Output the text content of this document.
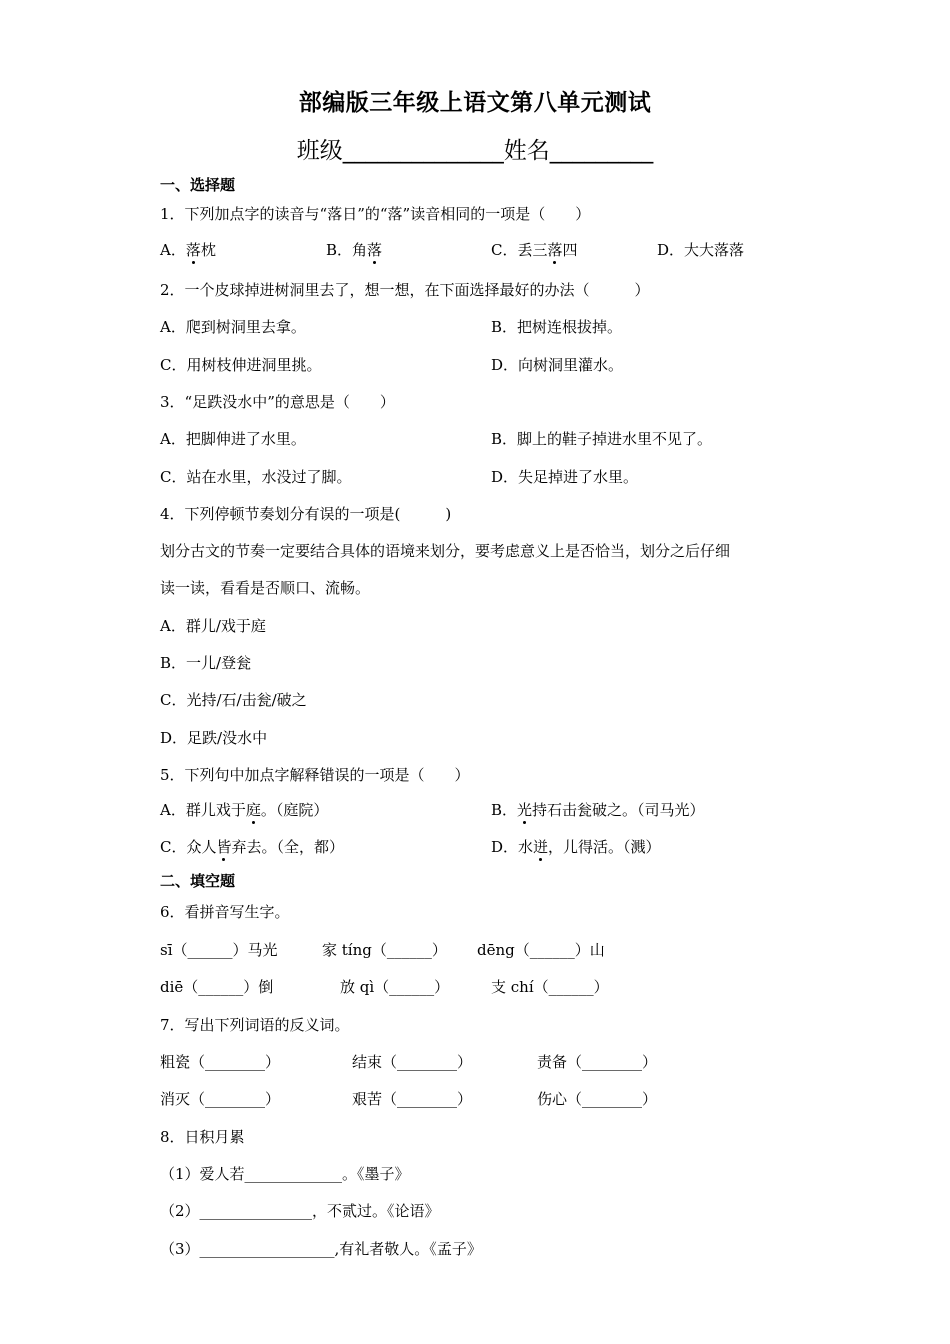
部编版三年级上语文第八单元测试
班级______________姓名_________
一、选择题
1．下列加点字的读音与“落日”的“落”读音相同的一项是（　　）
A．落枕	B．角落	C．丢三落四	D．大大落落
2．一个皮球掉进树洞里去了，想一想，在下面选择最好的办法（　　　）
A．爬到树洞里去拿。	B．把树连根拔掉。
C．用树枝伸进洞里挑。	D．向树洞里灌水。
3．“足跌没水中”的意思是（　　）
A．把脚伸进了水里。	B．脚上的鞋子掉进水里不见了。
C．站在水里，水没过了脚。	D．失足掉进了水里。
4．下列停顿节奏划分有误的一项是(　　　)
划分古文的节奏一定要结合具体的语境来划分，要考虑意义上是否恰当，划分之后仔细
读一读，看看是否顺口、流畅。
A．群儿/戏于庭
B．一儿/登瓮
C．光持/石/击瓮/破之
D．足跌/没水中
5．下列句中加点字解释错误的一项是（　　）
A．群儿戏于庭。（庭院）	B．光持石击瓮破之。（司马光）
C．众人皆弃去。（全，都）	D．水迸，儿得活。（溅）
二、填空题
6．看拼音写生字。
sī（______）马光	家 tíng（______） dēng（______）山
diē（______）倒	放 qì（______）	支 chí（______）
7．写出下列词语的反义词。
粗瓷（________）	结束（________）	责备（________）
消灭（________）	艰苦（________）	伤心（________）
8．日积月累
（1）爱人若_____________。《墨子》
（2）_______________，不贰过。《论语》
（3）__________________,有礼者敬人。《孟子》
